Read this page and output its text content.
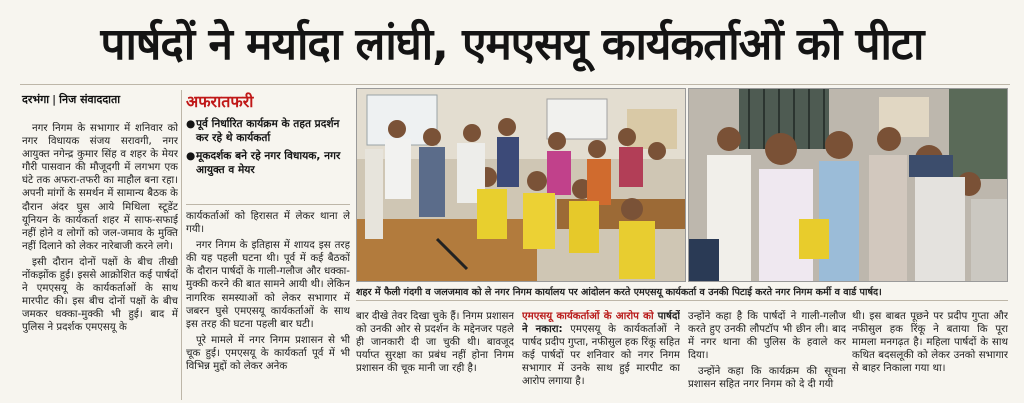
पार्षदों ने मर्यादा लांघी, एमएसयू कार्यकर्ताओं को पीटा
दरभंगा | निज संवाददाता

नगर निगम के सभागार में शनिवार को नगर विधायक संजय सरावगी, नगर आयुक्त नगेन्द्र कुमार सिंह व शहर के मेयर गौरी पासवान की मौजूदगी में लगभग एक घंटे तक अफरा-तफरी का माहौल बना रहा। अपनी मांगों के समर्थन में सामान्य बैठक के दौरान अंदर घुस आये मिथिला स्टूडेंट यूनियन के कार्यकर्ता शहर में साफ-सफाई नहीं होने व लोगों को जल-जमाव के मुक्ति नहीं दिलाने को लेकर नारेबाजी करने लगे।

इसी दौरान दोनों पक्षों के बीच तीखी नोंकझोंक हुई। इससे आक्रोशित कई पार्षदों ने एमएसयू के कार्यकर्ताओं के साथ मारपीट की। इस बीच दोनों पक्षों के बीच जमकर धक्का-मुक्की भी हुई। बाद में पुलिस ने प्रदर्शक एमएसयू के

अफरातफरी
● पूर्व निर्धारित कार्यक्रम के तहत प्रदर्शन कर रहे थे कार्यकर्ता
● मूकदर्शक बने रहे नगर विधायक, नगर आयुक्त व मेयर

कार्यकर्ताओं को हिरासत में लेकर थाना ले गयी।

नगर निगम के इतिहास में शायद इस तरह की यह पहली घटना थी। पूर्व में कई बैठकों के दौरान पार्षदों के गाली-गलौज और धक्का-मुक्की करने की बात सामने आयी थी। लेकिन नागरिक समस्याओं को लेकर सभागार में जबरन घुसे एमएसयू कार्यकर्ताओं के साथ इस तरह की घटना पहली बार घटी।

पूरे मामले में नगर निगम प्रशासन से भी चूक हुई। एमएसयू के कार्यकर्ता पूर्व में भी विभिन्न मुद्दों को लेकर अनेक

शहर में फैली गंदगी व जलजमाव को ले नगर निगम कार्यालय पर आंदोलन करते एमएसयू कार्यकर्ता व उनकी पिटाई करते नगर निगम कर्मी व वार्ड पार्षद।

बार दीखे तेवर दिखा चुके हैं। निगम प्रशासन को उनकी ओर से प्रदर्शन के मद्देनजर पहले ही जानकारी दी जा चुकी थी। बावजूद पर्याप्त सुरक्षा का प्रबंध नहीं होना निगम प्रशासन की चूक मानी जा रही है।

एमएसयू कार्यकर्ताओं के आरोप को पार्षदों ने नकारा: एमएसयू के कार्यकर्ताओं ने पार्षद प्रदीप गुप्ता, नफीसुल हक रिंकू सहित कई पार्षदों पर शनिवार को नगर निगम सभागार में उनके साथ हुई मारपीट का आरोप लगाया है।

उन्होंने कहा है कि पार्षदों ने गाली-गलौज करते हुए उनकी लौपटॉप भी छीन ली। बाद में नगर थाना की पुलिस के हवाले कर दिया।

उन्होंने कहा कि कार्यक्रम की सूचना प्रशासन सहित नगर निगम को दे दी गयी

थी। इस बाबत पूछने पर प्रदीप गुप्ता और नफीसुल हक रिंकू ने बताया कि पूरा मामला मनगढ़त है। महिला पार्षदों के साथ कथित बदसलूकी को लेकर उनको सभागार से बाहर निकाला गया था।
